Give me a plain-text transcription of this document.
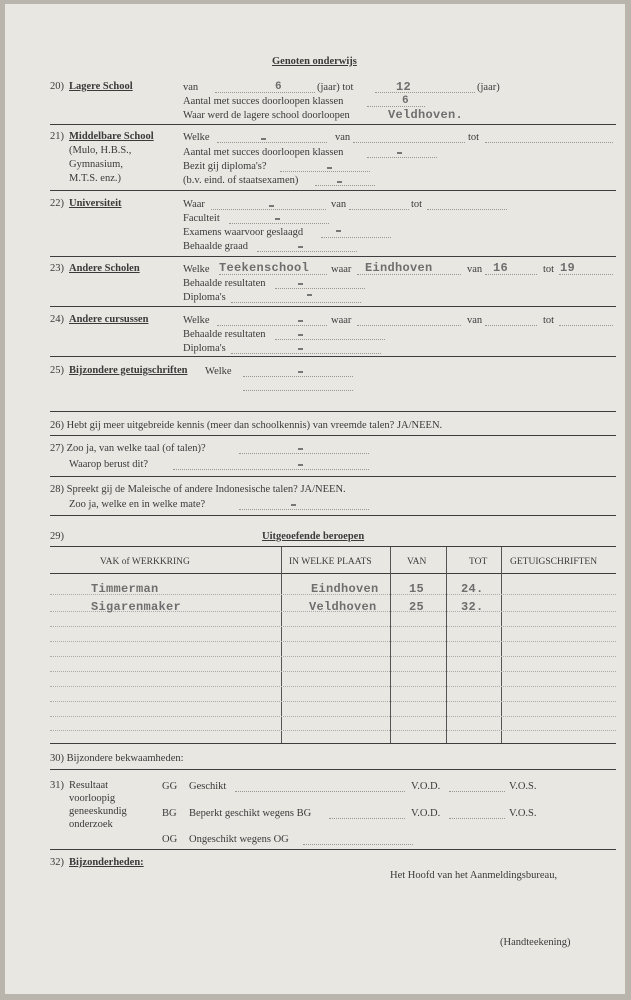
Genoten onderwijs
20) Lagere School	van	6	(jaar) tot	12	(jaar)
Aantal met succes doorloopen klassen	6
Waar werd de lagere school doorloopen	Veldhoven.
21) Middelbare School
(Mulo, H.B.S.,
Gymnasium,
M.T.S. enz.)
Welke	van	tot
Aantal met succes doorloopen klassen
Bezit gij diploma's?
(b.v. eind. of staatsexamen)
22) Universiteit	Waar	van	tot
Faculteit
Examens waarvoor geslaagd
Behaalde graad
23) Andere Scholen	Welke Teekenschool waar Eindhoven	van 16	tot 19
Behaalde resultaten
Diploma's
24) Andere cursussen	Welke	waar	van	tot
Behaalde resultaten
Diploma's
25) Bijzondere getuigschriften Welke
26) Hebt gij meer uitgebreide kennis (meer dan schoolkennis) van vreemde talen? JA/NEEN.
27) Zoo ja, van welke taal (of talen)?
Waarop berust dit?
28) Spreekt gij de Maleische of andere Indonesische talen? JA/NEEN.
Zoo ja, welke en in welke mate?
29)	Uitgeoefende beroepen
VAK of WERKKRING	IN WELKE PLAATS	VAN	TOT GETUIGSCHRIFTEN
Timmerman	Eindhoven	15	24.
Sigarenmaker	Veldhoven	25	32.
30) Bijzondere bekwaamheden:
31) Resultaat
voorloopig
geneeskundig
onderzoek
GG Geschikt	V.O.D.	V.O.S.
BG Beperkt geschikt wegens BG	V.O.D.	V.O.S.
OG Ongeschikt wegens OG
32) Bijzonderheden:
Het Hoofd van het Aanmeldingsbureau,
(Handteekening)
